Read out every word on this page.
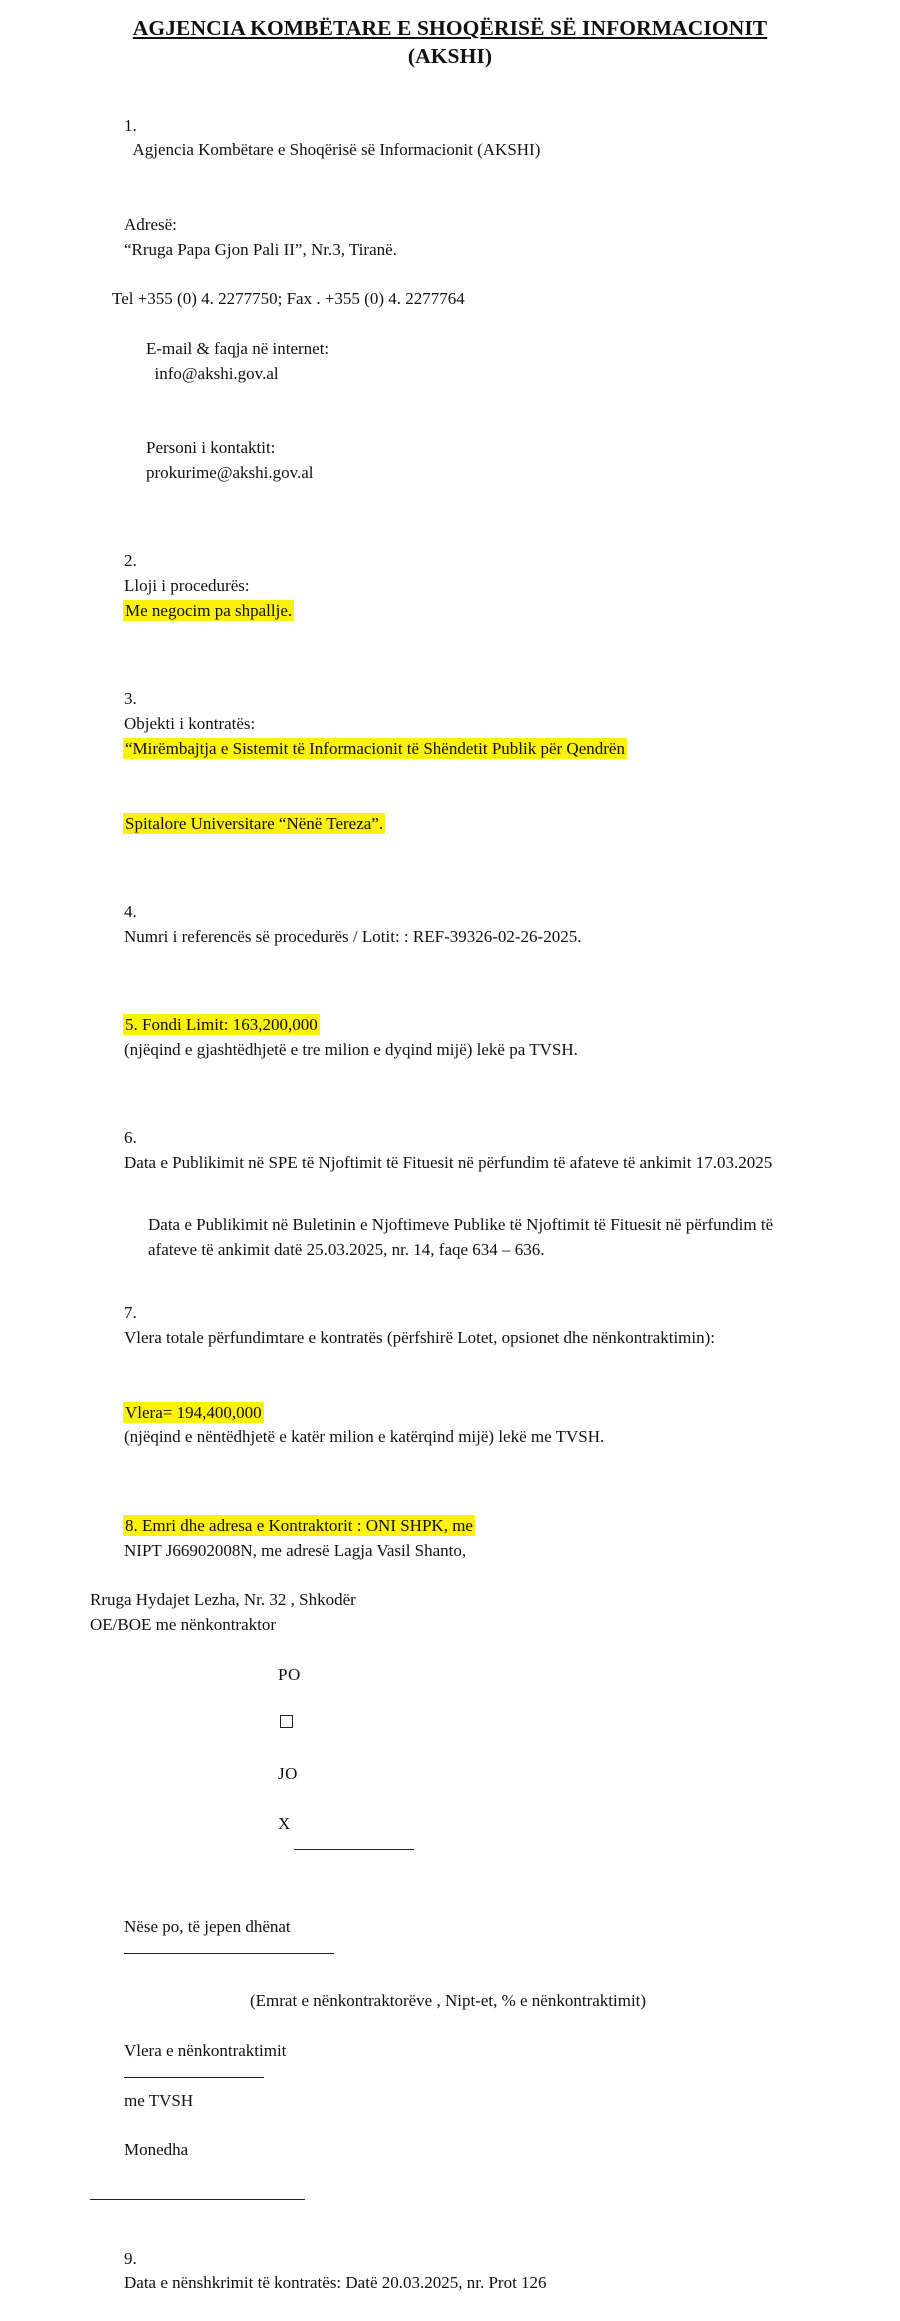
AGJENCIA KOMBËTARE E SHOQËRISË SË INFORMACIONIT
(AKSHI)

1.
Agjencia Kombëtare e Shoqërisë së Informacionit (AKSHI)

Adresë:
“Rruga Papa Gjon Pali II”, Nr.3, Tiranë.

Tel +355 (0) 4. 2277750; Fax . +355 (0) 4. 2277764

E-mail & faqja në internet:
info@akshi.gov.al

Personi i kontaktit:
prokurime@akshi.gov.al

2.
Lloji i procedurës:
Me negocim pa shpallje.

3.
Objekti i kontratës:
“Mirëmbajtja e Sistemit të Informacionit të Shëndetit Publik për Qendrën

Spitalore Universitare “Nënë Tereza”.

4.
Numri i referencës së procedurës / Lotit: : REF-39326-02-26-2025.

5. Fondi Limit: 163,200,000
(njëqind e gjashtëdhjetë e tre milion e dyqind mijë) lekë pa TVSH.

6.
Data e Publikimit në SPE të Njoftimit të Fituesit në përfundim të afateve të ankimit 17.03.2025

Data e Publikimit në Buletinin e Njoftimeve Publike të Njoftimit të Fituesit në përfundim të
afateve të ankimit datë 25.03.2025, nr. 14, faqe 634 – 636.

7.
Vlera totale përfundimtare e kontratës (përfshirë Lotet, opsionet dhe nënkontraktimin):

Vlera= 194,400,000
(njëqind e nëntëdhjetë e katër milion e katërqind mijë) lekë me TVSH.

8. Emri dhe adresa e Kontraktorit : ONI SHPK, me
NIPT J66902008N, me adresë Lagja Vasil Shanto,

Rruga Hydajet Lezha, Nr. 32 , Shkodër
OE/BOE me nënkontraktor

PO

JO

X

Nëse po, të jepen dhënat

(Emrat e nënkontraktorëve , Nipt-et, % e nënkontraktimit)

Vlera e nënkontraktimit

me TVSH

Monedha

9.
Data e nënshkrimit të kontratës: Datë 20.03.2025, nr. Prot 126
